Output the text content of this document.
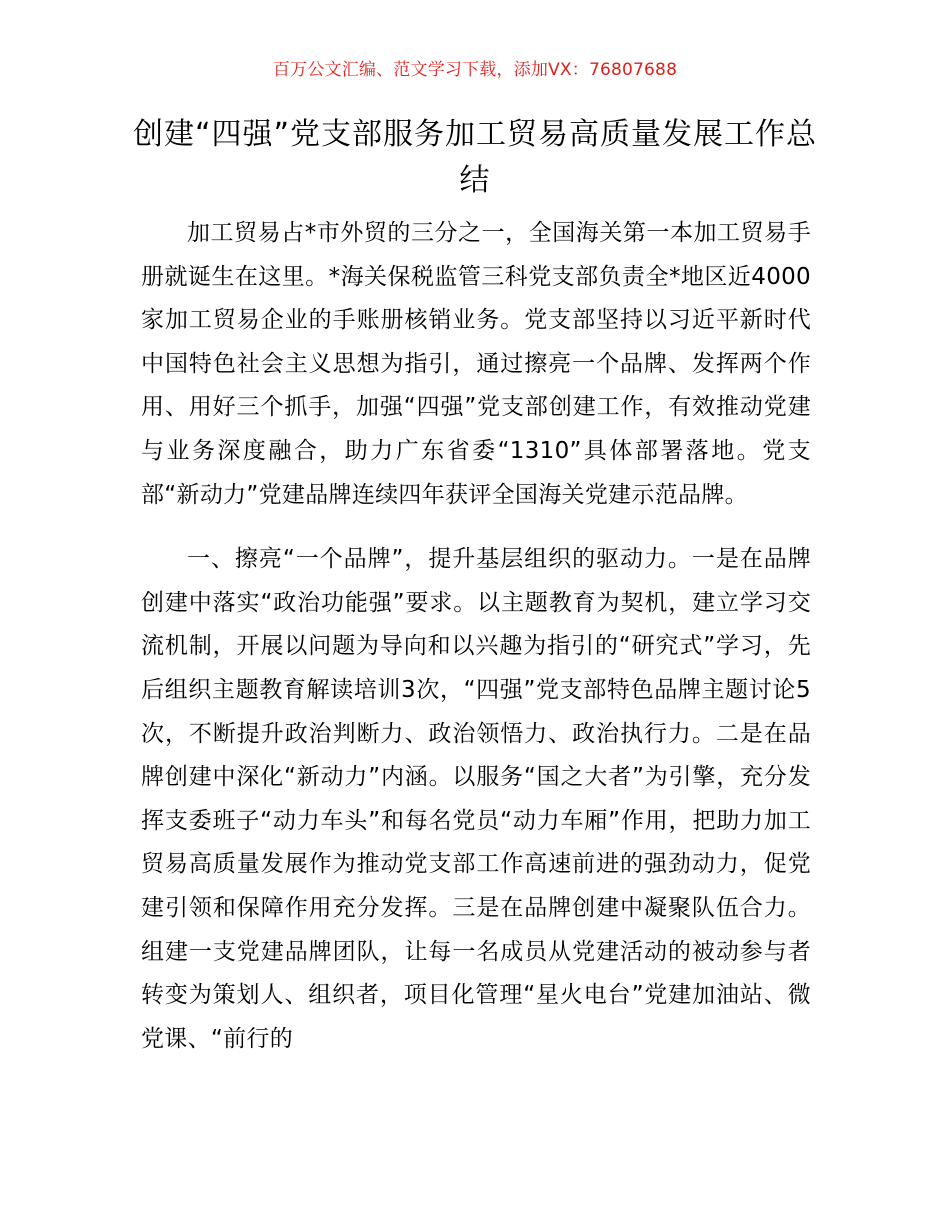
百万公文汇编、范文学习下载，添加VX：76807688
创建“四强”党支部服务加工贸易高质量发展工作总结

加工贸易占*市外贸的三分之一，全国海关第一本加工贸易手册就诞生在这里。*海关保税监管三科党支部负责全*地区近4000家加工贸易企业的手账册核销业务。党支部坚持以习近平新时代中国特色社会主义思想为指引，通过擦亮一个品牌、发挥两个作用、用好三个抓手，加强“四强”党支部创建工作，有效推动党建与业务深度融合，助力广东省委“1310”具体部署落地。党支部“新动力”党建品牌连续四年获评全国海关党建示范品牌。

一、擦亮“一个品牌”，提升基层组织的驱动力。一是在品牌创建中落实“政治功能强”要求。以主题教育为契机，建立学习交流机制，开展以问题为导向和以兴趣为指引的“研究式”学习，先后组织主题教育解读培训3次，“四强”党支部特色品牌主题讨论5次，不断提升政治判断力、政治领悟力、政治执行力。二是在品牌创建中深化“新动力”内涵。以服务“国之大者”为引擎，充分发挥支委班子“动力车头”和每名党员“动力车厢”作用，把助力加工贸易高质量发展作为推动党支部工作高速前进的强劲动力，促党建引领和保障作用充分发挥。三是在品牌创建中凝聚队伍合力。组建一支党建品牌团队，让每一名成员从党建活动的被动参与者转变为策划人、组织者，项目化管理“星火电台”党建加油站、微党课、“前行的
